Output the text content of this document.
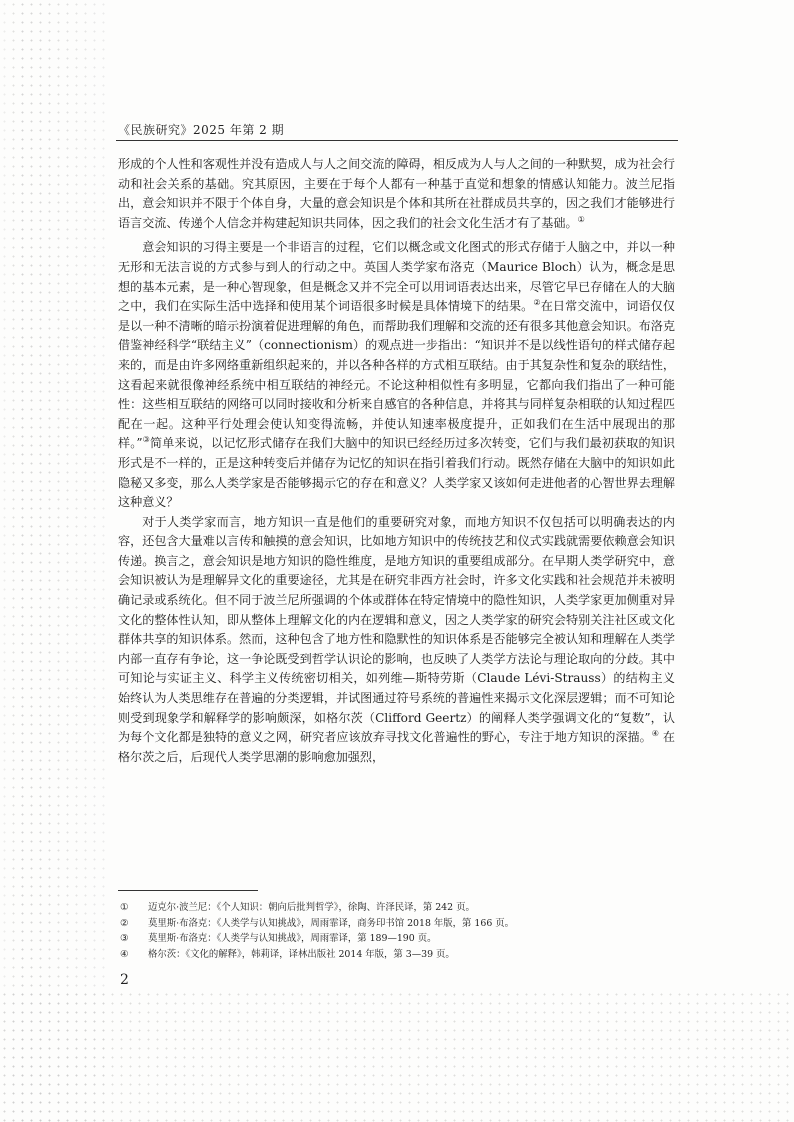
《民族研究》2025 年第 2 期

形成的个人性和客观性并没有造成人与人之间交流的障碍，相反成为人与人之间的一种默契，成为社会行动和社会关系的基础。究其原因，主要在于每个人都有一种基于直觉和想象的情感认知能力。波兰尼指出，意会知识并不限于个体自身，大量的意会知识是个体和其所在社群成员共享的，因之我们才能够进行语言交流、传递个人信念并构建起知识共同体，因之我们的社会文化生活才有了基础。①

意会知识的习得主要是一个非语言的过程，它们以概念或文化图式的形式存储于人脑之中，并以一种无形和无法言说的方式参与到人的行动之中。英国人类学家布洛克（Maurice Bloch）认为，概念是思想的基本元素，是一种心智现象，但是概念又并不完全可以用词语表达出来，尽管它早已存储在人的大脑之中，我们在实际生活中选择和使用某个词语很多时候是具体情境下的结果。②在日常交流中，词语仅仅是以一种不清晰的暗示扮演着促进理解的角色，而帮助我们理解和交流的还有很多其他意会知识。布洛克借鉴神经科学“联结主义”（connectionism）的观点进一步指出：“知识并不是以线性语句的样式储存起来的，而是由许多网络重新组织起来的，并以各种各样的方式相互联结。由于其复杂性和复杂的联结性，这看起来就很像神经系统中相互联结的神经元。不论这种相似性有多明显，它都向我们指出了一种可能性：这些相互联结的网络可以同时接收和分析来自感官的各种信息，并将其与同样复杂相联的认知过程匹配在一起。这种平行处理会使认知变得流畅，并使认知速率极度提升，正如我们在生活中展现出的那样。”③简单来说，以记忆形式储存在我们大脑中的知识已经经历过多次转变，它们与我们最初获取的知识形式是不一样的，正是这种转变后并储存为记忆的知识在指引着我们行动。既然存储在大脑中的知识如此隐秘又多变，那么人类学家是否能够揭示它的存在和意义？人类学家又该如何走进他者的心智世界去理解这种意义？

对于人类学家而言，地方知识一直是他们的重要研究对象，而地方知识不仅包括可以明确表达的内容，还包含大量难以言传和触摸的意会知识，比如地方知识中的传统技艺和仪式实践就需要依赖意会知识传递。换言之，意会知识是地方知识的隐性维度，是地方知识的重要组成部分。在早期人类学研究中，意会知识被认为是理解异文化的重要途径，尤其是在研究非西方社会时，许多文化实践和社会规范并未被明确记录或系统化。但不同于波兰尼所强调的个体或群体在特定情境中的隐性知识，人类学家更加侧重对异文化的整体性认知，即从整体上理解文化的内在逻辑和意义，因之人类学家的研究会特别关注社区或文化群体共享的知识体系。然而，这种包含了地方性和隐默性的知识体系是否能够完全被认知和理解在人类学内部一直存有争论，这一争论既受到哲学认识论的影响，也反映了人类学方法论与理论取向的分歧。其中可知论与实证主义、科学主义传统密切相关，如列维—斯特劳斯（Claude Lévi-Strauss）的结构主义始终认为人类思维存在普遍的分类逻辑，并试图通过符号系统的普遍性来揭示文化深层逻辑；而不可知论则受到现象学和解释学的影响颇深，如格尔茨（Clifford Geertz）的阐释人类学强调文化的“复数”，认为每个文化都是独特的意义之网，研究者应该放弃寻找文化普遍性的野心，专注于地方知识的深描。④ 在格尔茨之后，后现代人类学思潮的影响愈加强烈，

①	迈克尔·波兰尼：《个人知识：朝向后批判哲学》，徐陶、许泽民译，第 242 页。
②	莫里斯·布洛克：《人类学与认知挑战》，周雨霏译，商务印书馆 2018 年版，第 166 页。
③	莫里斯·布洛克：《人类学与认知挑战》，周雨霏译，第 189—190 页。
④	格尔茨：《文化的解释》，韩莉译，译林出版社 2014 年版，第 3—39 页。
2
